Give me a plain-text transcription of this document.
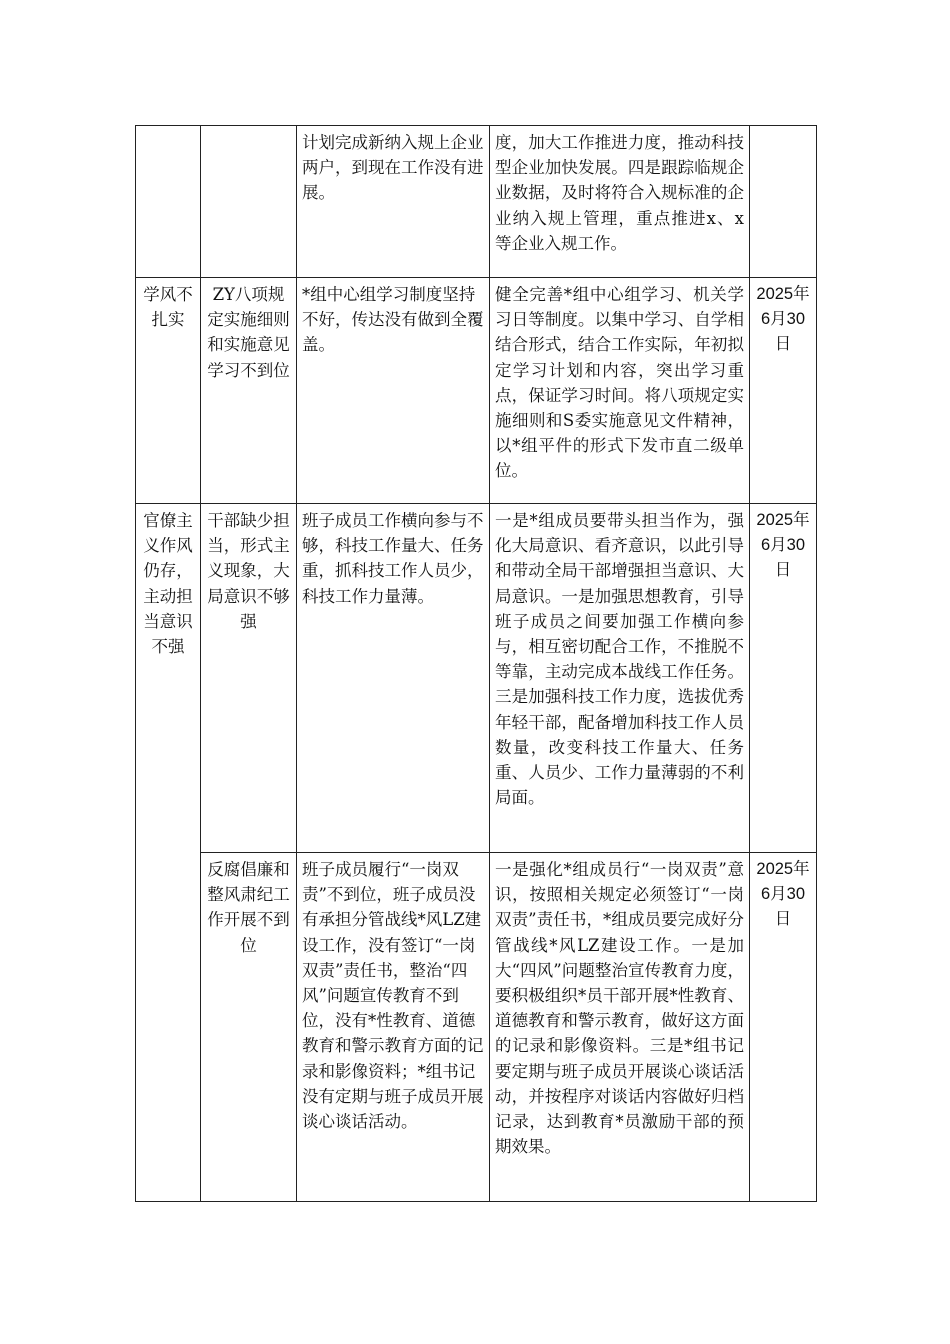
		计划完成新纳入规上企业两户，到现在工作没有进展。	度，加大工作推进力度，推动科技型企业加快发展。四是跟踪临规企业数据，及时将符合入规标准的企业纳入规上管理，重点推进x、x等企业入规工作。	
学风不扎实	ZY八项规定实施细则和实施意见学习不到位	*组中心组学习制度坚持不好，传达没有做到全覆盖。	健全完善*组中心组学习、机关学习日等制度。以集中学习、自学相结合形式，结合工作实际，年初拟定学习计划和内容，突出学习重点，保证学习时间。将八项规定实施细则和S委实施意见文件精神，以*组平件的形式下发市直二级单位。	2025年6月30日
官僚主义作风仍存，主动担当意识不强	干部缺少担当，形式主义现象，大局意识不够强	班子成员工作横向参与不够，科技工作量大、任务重，抓科技工作人员少，科技工作力量薄。	一是*组成员要带头担当作为，强化大局意识、看齐意识，以此引导和带动全局干部增强担当意识、大局意识。一是加强思想教育，引导班子成员之间要加强工作横向参与，相互密切配合工作，不推脱不等靠，主动完成本战线工作任务。三是加强科技工作力度，选拔优秀年轻干部，配备增加科技工作人员数量，改变科技工作量大、任务重、人员少、工作力量薄弱的不利局面。	2025年6月30日
	反腐倡廉和整风肃纪工作开展不到位	班子成员履行“一岗双责”不到位，班子成员没有承担分管战线*风LZ建设工作，没有签订“一岗双责”责任书，整治“四风”问题宣传教育不到位，没有*性教育、道德教育和警示教育方面的记录和影像资料；*组书记没有定期与班子成员开展谈心谈话活动。	一是强化*组成员行“一岗双责”意识，按照相关规定必须签订“一岗双责”责任书，*组成员要完成好分管战线*风LZ建设工作。一是加大“四风”问题整治宣传教育力度，要积极组织*员干部开展*性教育、道德教育和警示教育，做好这方面的记录和影像资料。三是*组书记要定期与班子成员开展谈心谈话活动，并按程序对谈话内容做好归档记录，达到教育*员激励干部的预期效果。	2025年6月30日
